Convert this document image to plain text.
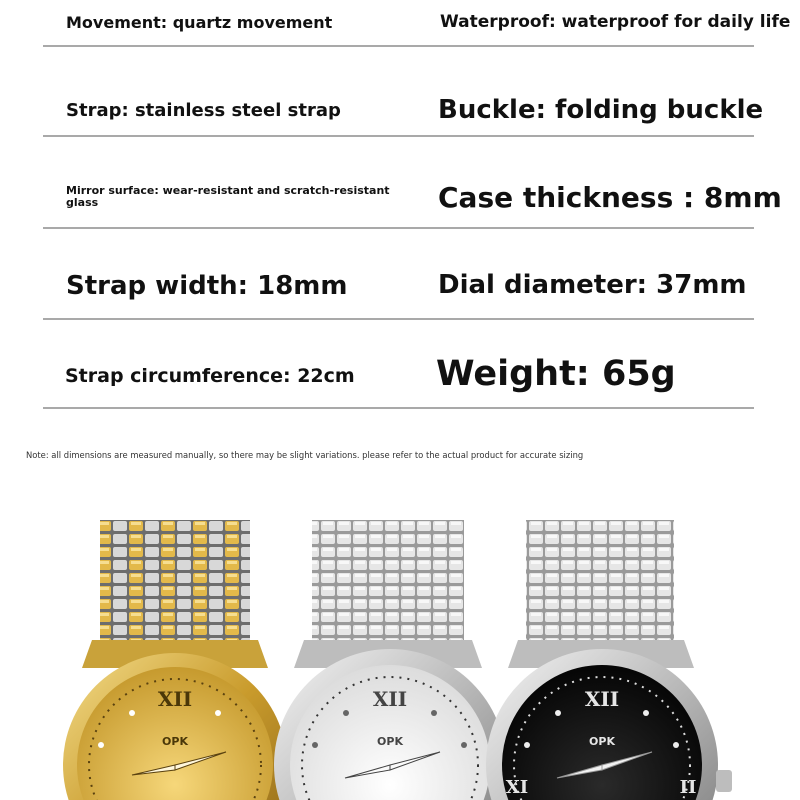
Movement: quartz movement	Waterproof: waterproof for daily life
Strap: stainless steel strap	Buckle: folding buckle
Mirror surface: wear-resistant and scratch-resistant
glass	Case thickness : 8mm
Strap width: 18mm	Dial diameter: 37mm
Strap circumference: 22cm Weight: 65g
Note: all dimensions are measured manually, so there may be slight variations. please refer to the actual product for accurate sizing
XII
OPK
XII
OPK
XII
OPK
XI	II
